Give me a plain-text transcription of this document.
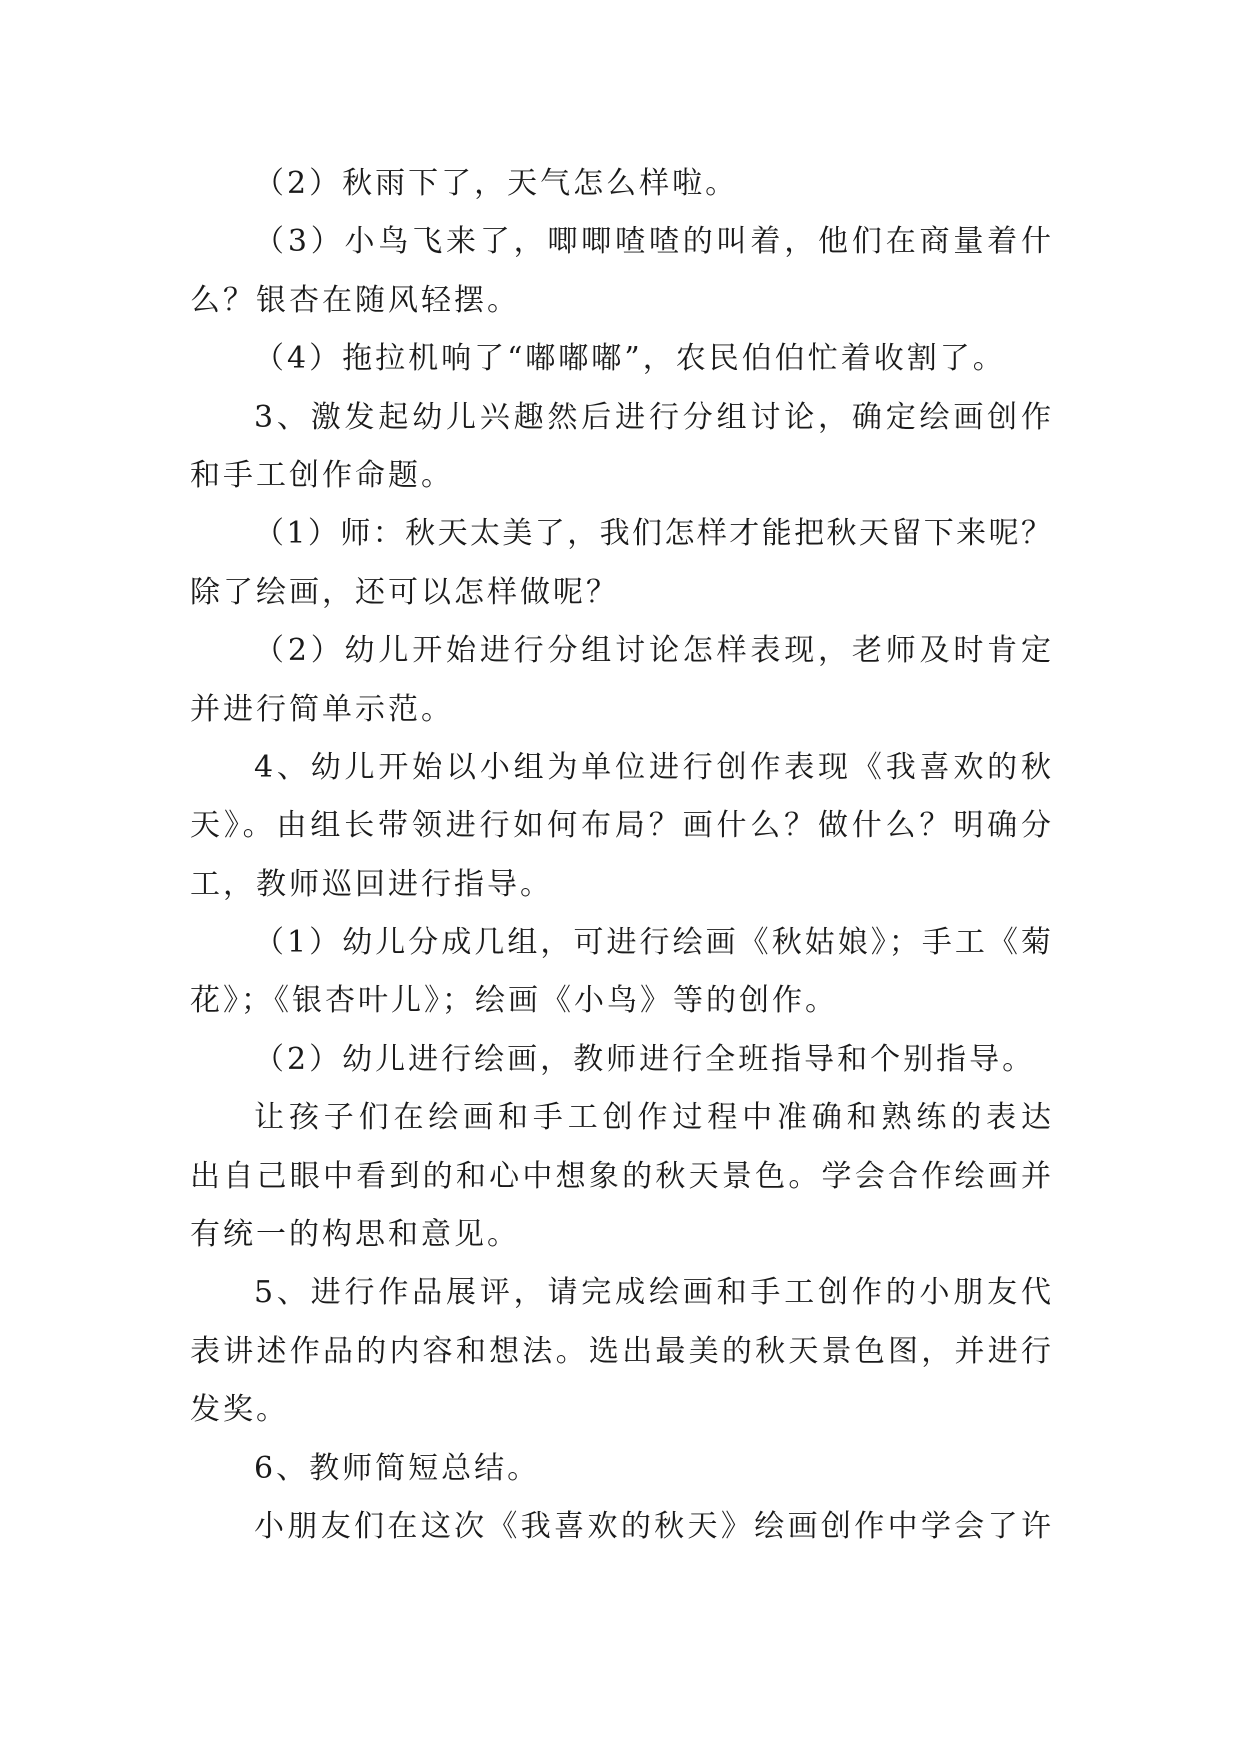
（2）秋雨下了，天气怎么样啦。
（3）小鸟飞来了，唧唧喳喳的叫着，他们在商量着什
么？银杏在随风轻摆。
（4）拖拉机响了“嘟嘟嘟”，农民伯伯忙着收割了。
3、激发起幼儿兴趣然后进行分组讨论，确定绘画创作
和手工创作命题。
（1）师：秋天太美了，我们怎样才能把秋天留下来呢？
除了绘画，还可以怎样做呢？
（2）幼儿开始进行分组讨论怎样表现，老师及时肯定
并进行简单示范。
4、幼儿开始以小组为单位进行创作表现《我喜欢的秋
天》。由组长带领进行如何布局？画什么？做什么？明确分
工，教师巡回进行指导。
（1）幼儿分成几组，可进行绘画《秋姑娘》；手工《菊
花》；《银杏叶儿》；绘画《小鸟》等的创作。
（2）幼儿进行绘画，教师进行全班指导和个别指导。
让孩子们在绘画和手工创作过程中准确和熟练的表达
出自己眼中看到的和心中想象的秋天景色。学会合作绘画并
有统一的构思和意见。
5、进行作品展评，请完成绘画和手工创作的小朋友代
表讲述作品的内容和想法。选出最美的秋天景色图，并进行
发奖。
6、教师简短总结。
小朋友们在这次《我喜欢的秋天》绘画创作中学会了许
